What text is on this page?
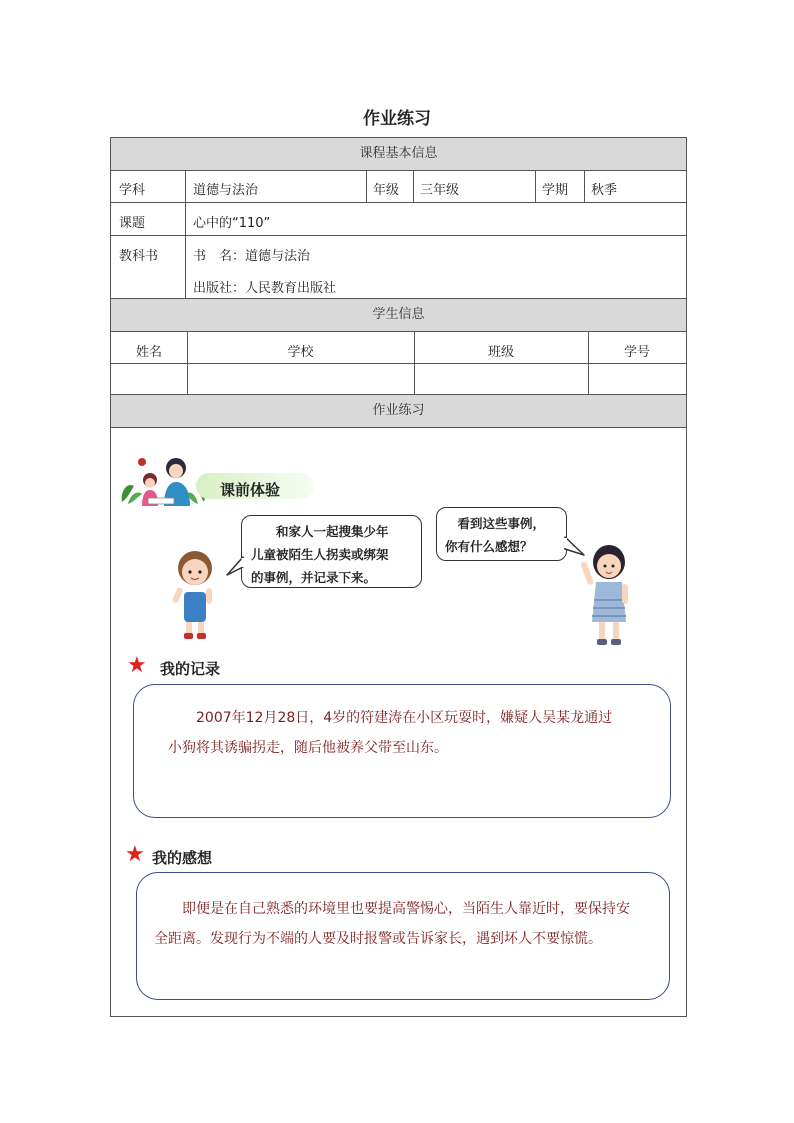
作业练习
课程基本信息
学科	道德与法治	年级 三年级	学期 秋季
课题	心中的“110”
教科书	书　名：道德与法治
出版社：人民教育出版社
学生信息
姓名	学校	班级	学号
作业练习
课前体验
　　和家人一起搜集少年
儿童被陌生人拐卖或绑架
的事例，并记录下来。
　看到这些事例，
你有什么感想？
★ 我的记录
　　2007年12月28日，4岁的符建涛在小区玩耍时，嫌疑人吴某龙通过
小狗将其诱骗拐走，随后他被养父带至山东。
★ 我的感想
　　即便是在自己熟悉的环境里也要提高警惕心，当陌生人靠近时，要保持安
全距离。发现行为不端的人要及时报警或告诉家长，遇到坏人不要惊慌。
